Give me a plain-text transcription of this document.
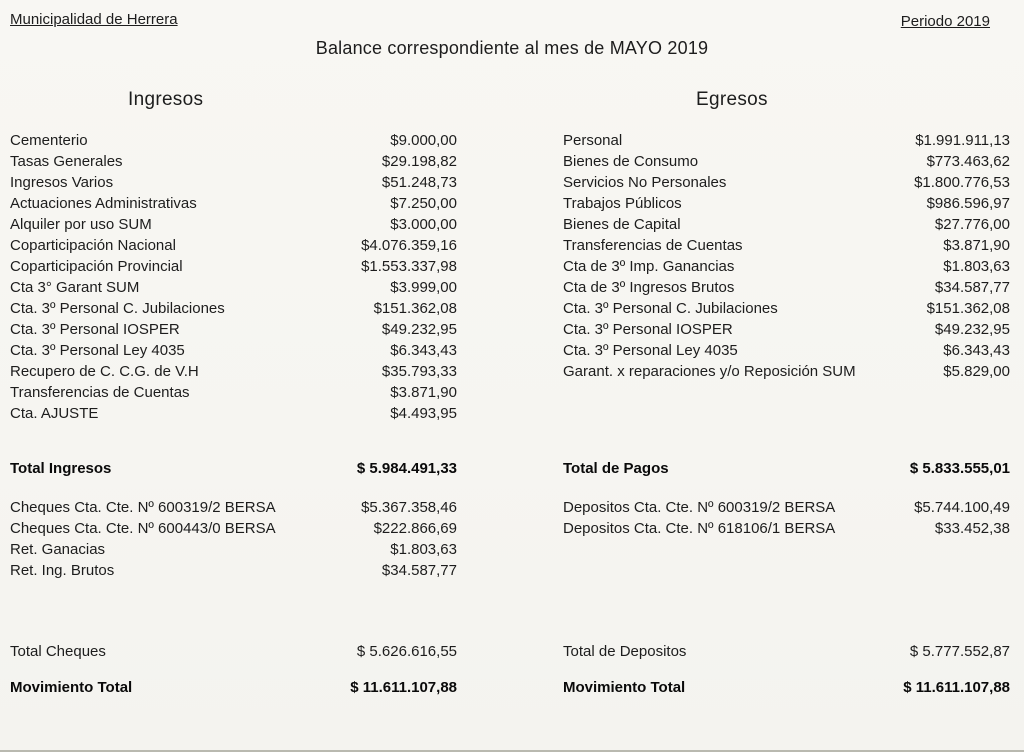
Municipalidad de Herrera	Periodo 2019
Balance correspondiente al mes de MAYO 2019
Ingresos	Egresos
Cementerio	$9.000,00
Tasas Generales	$29.198,82
Ingresos Varios	$51.248,73
Actuaciones Administrativas	$7.250,00
Alquiler por uso SUM	$3.000,00
Coparticipación Nacional	$4.076.359,16
Coparticipación Provincial	$1.553.337,98
Cta 3° Garant SUM	$3.999,00
Cta. 3º Personal C. Jubilaciones	$151.362,08
Cta. 3º Personal IOSPER	$49.232,95
Cta. 3º Personal Ley 4035	$6.343,43
Recupero de C. C.G. de V.H	$35.793,33
Transferencias de Cuentas	$3.871,90
Cta. AJUSTE	$4.493,95
Total Ingresos	$ 5.984.491,33
Cheques Cta. Cte. Nº 600319/2 BERSA	$5.367.358,46
Cheques Cta. Cte. Nº 600443/0 BERSA	$222.866,69
Ret. Ganacias	$1.803,63
Ret. Ing. Brutos	$34.587,77
Total Cheques	$ 5.626.616,55
Movimiento Total	$ 11.611.107,88
Personal	$1.991.911,13
Bienes de Consumo	$773.463,62
Servicios No Personales	$1.800.776,53
Trabajos Públicos	$986.596,97
Bienes de Capital	$27.776,00
Transferencias de Cuentas	$3.871,90
Cta de 3º Imp. Ganancias	$1.803,63
Cta de 3º Ingresos Brutos	$34.587,77
Cta. 3º Personal C. Jubilaciones	$151.362,08
Cta. 3º Personal IOSPER	$49.232,95
Cta. 3º Personal Ley 4035	$6.343,43
Garant. x reparaciones y/o Reposición SUM	$5.829,00
Total de Pagos	$ 5.833.555,01
Depositos Cta. Cte. Nº 600319/2 BERSA	$5.744.100,49
Depositos Cta. Cte. Nº 618106/1 BERSA	$33.452,38
Total de Depositos	$ 5.777.552,87
Movimiento Total	$ 11.611.107,88
